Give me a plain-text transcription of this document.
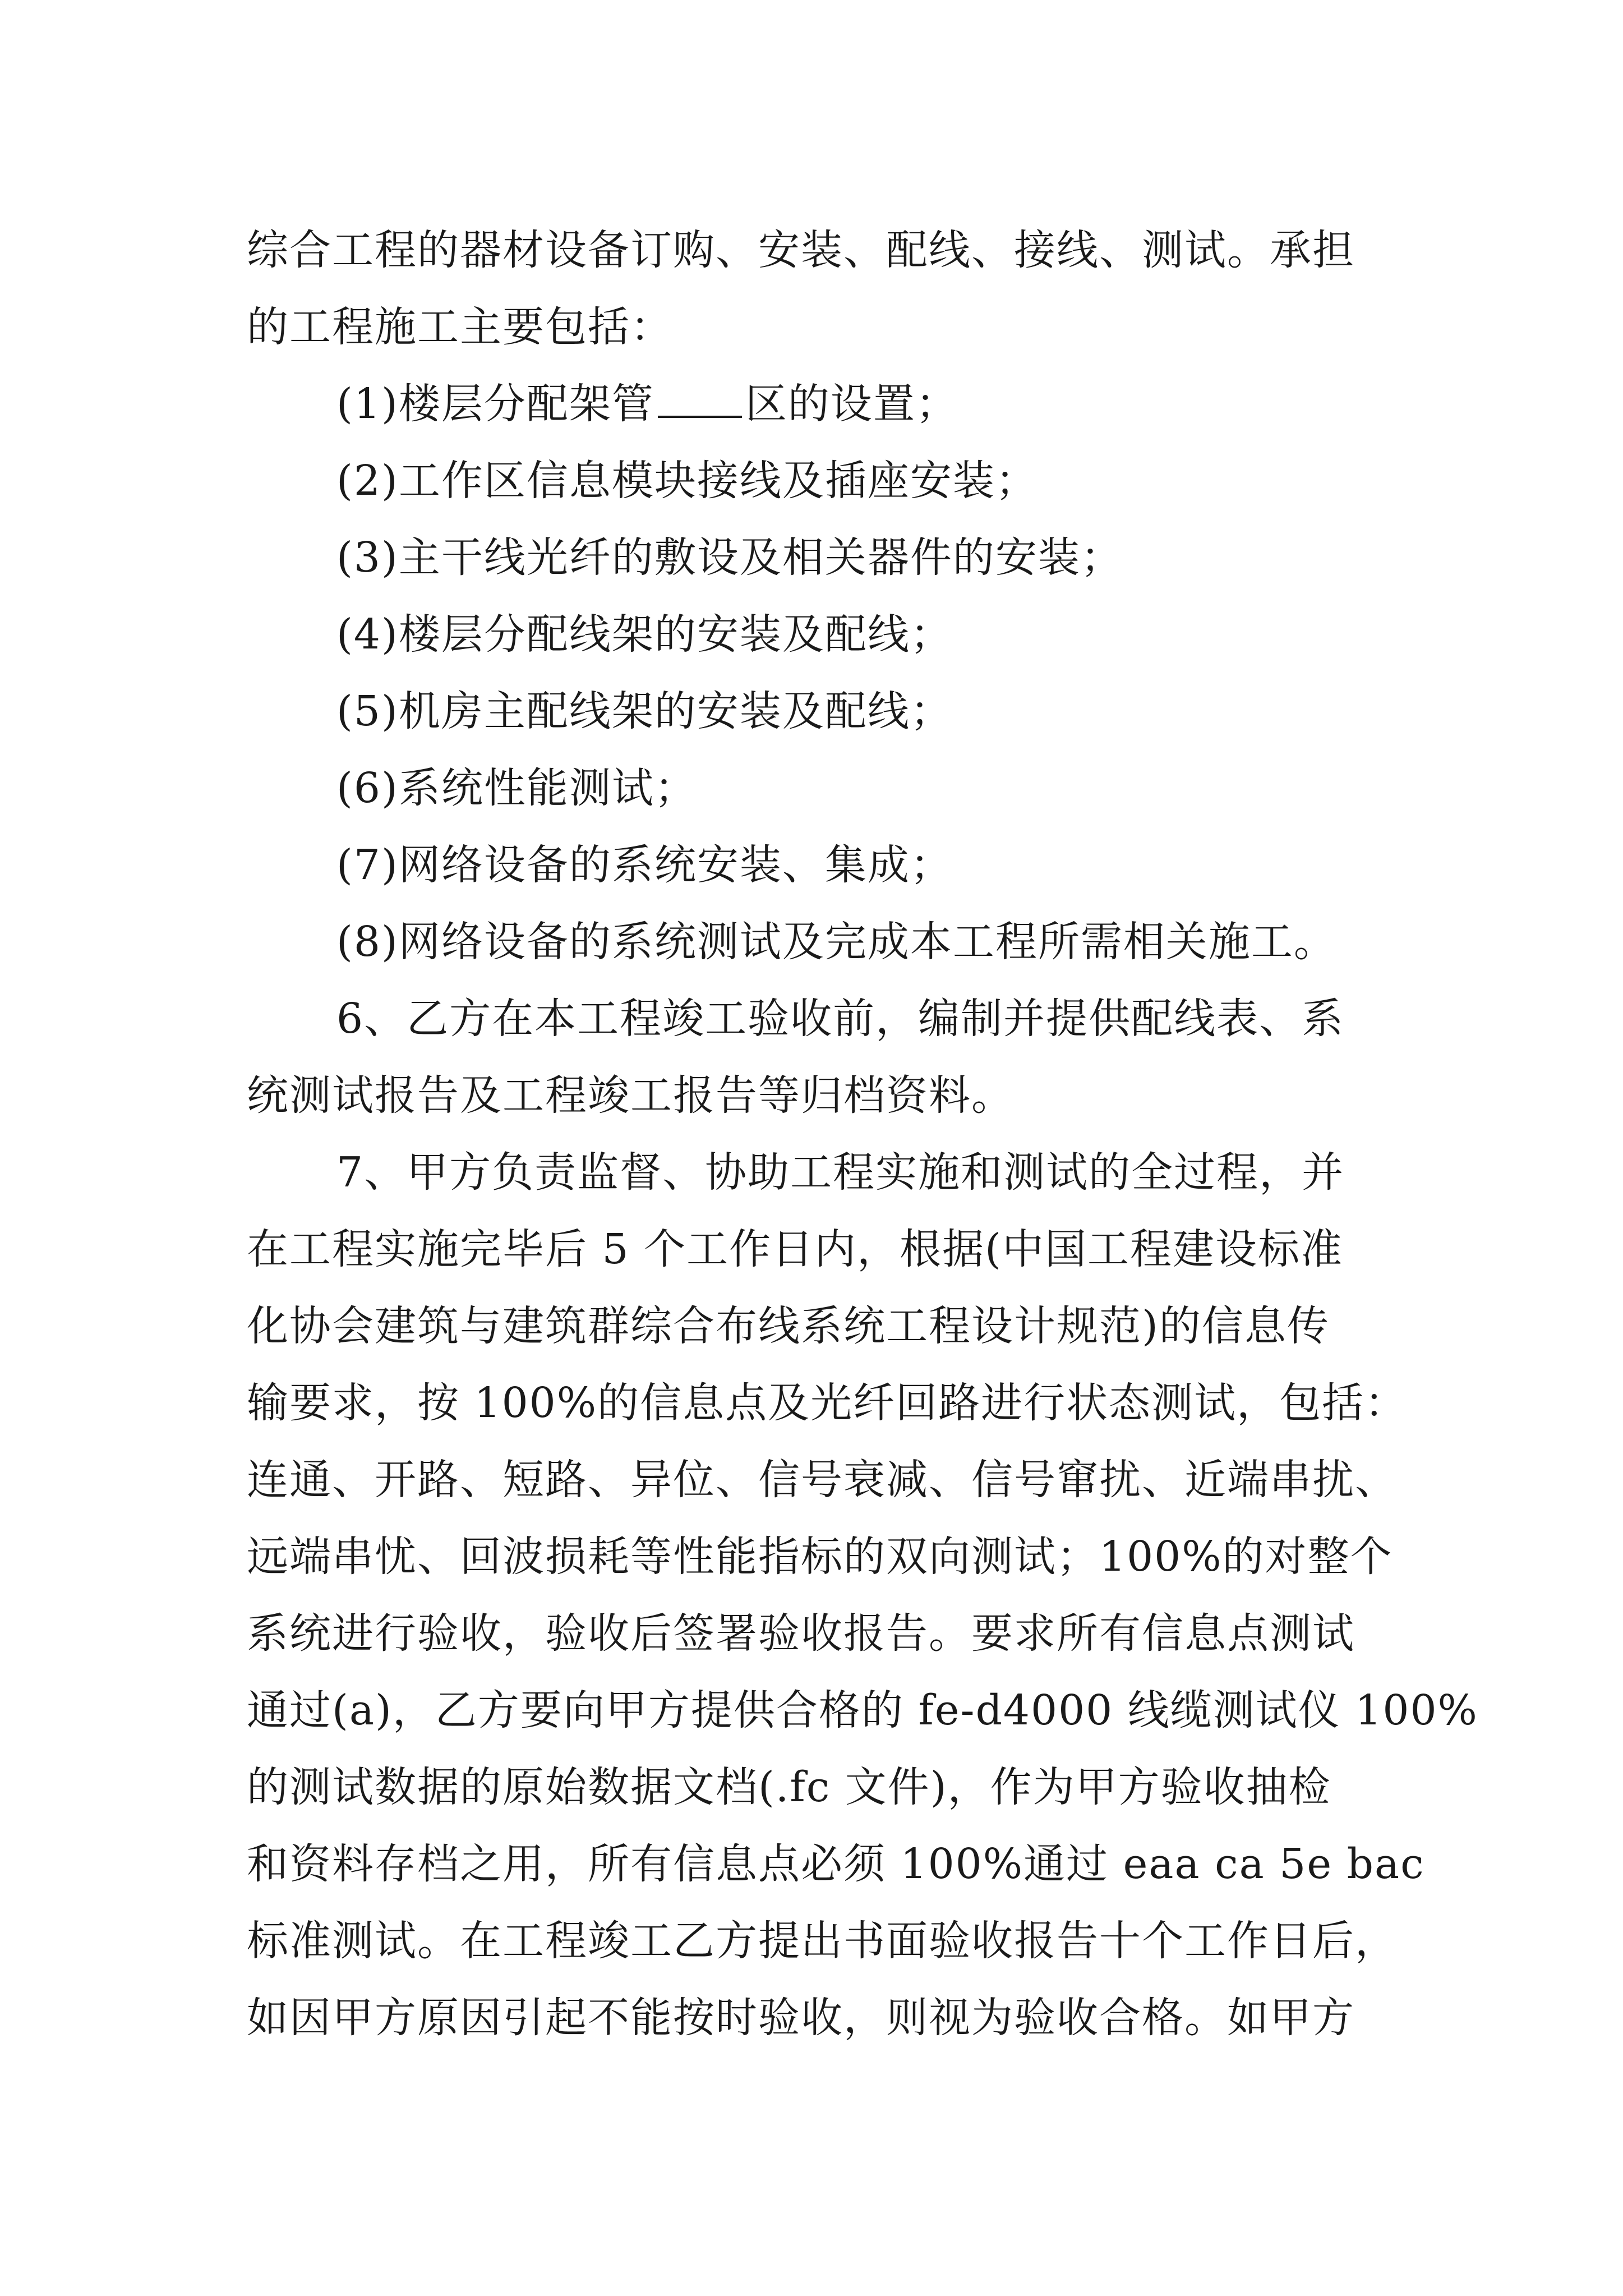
综合工程的器材设备订购、安装、配线、接线、测试。承担
的工程施工主要包括：
(1)楼层分配架管 区的设置；
(2)工作区信息模块接线及插座安装；
(3)主干线光纤的敷设及相关器件的安装；
(4)楼层分配线架的安装及配线；
(5)机房主配线架的安装及配线；
(6)系统性能测试；
(7)网络设备的系统安装、集成；
(8)网络设备的系统测试及完成本工程所需相关施工。
6、乙方在本工程竣工验收前，编制并提供配线表、系
统测试报告及工程竣工报告等归档资料。
7、甲方负责监督、协助工程实施和测试的全过程，并
在工程实施完毕后 5 个工作日内，根据(中国工程建设标准
化协会建筑与建筑群综合布线系统工程设计规范)的信息传
输要求，按 100%的信息点及光纤回路进行状态测试，包括：
连通、开路、短路、异位、信号衰减、信号窜扰、近端串扰、
远端串忧、回波损耗等性能指标的双向测试；100%的对整个
系统进行验收，验收后签署验收报告。要求所有信息点测试
通过(a)，乙方要向甲方提供合格的 fe-d4000 线缆测试仪 100%
的测试数据的原始数据文档(.fc 文件)，作为甲方验收抽检
和资料存档之用，所有信息点必须 100%通过 eaa ca 5e bac
标准测试。在工程竣工乙方提出书面验收报告十个工作日后，
如因甲方原因引起不能按时验收，则视为验收合格。如甲方
